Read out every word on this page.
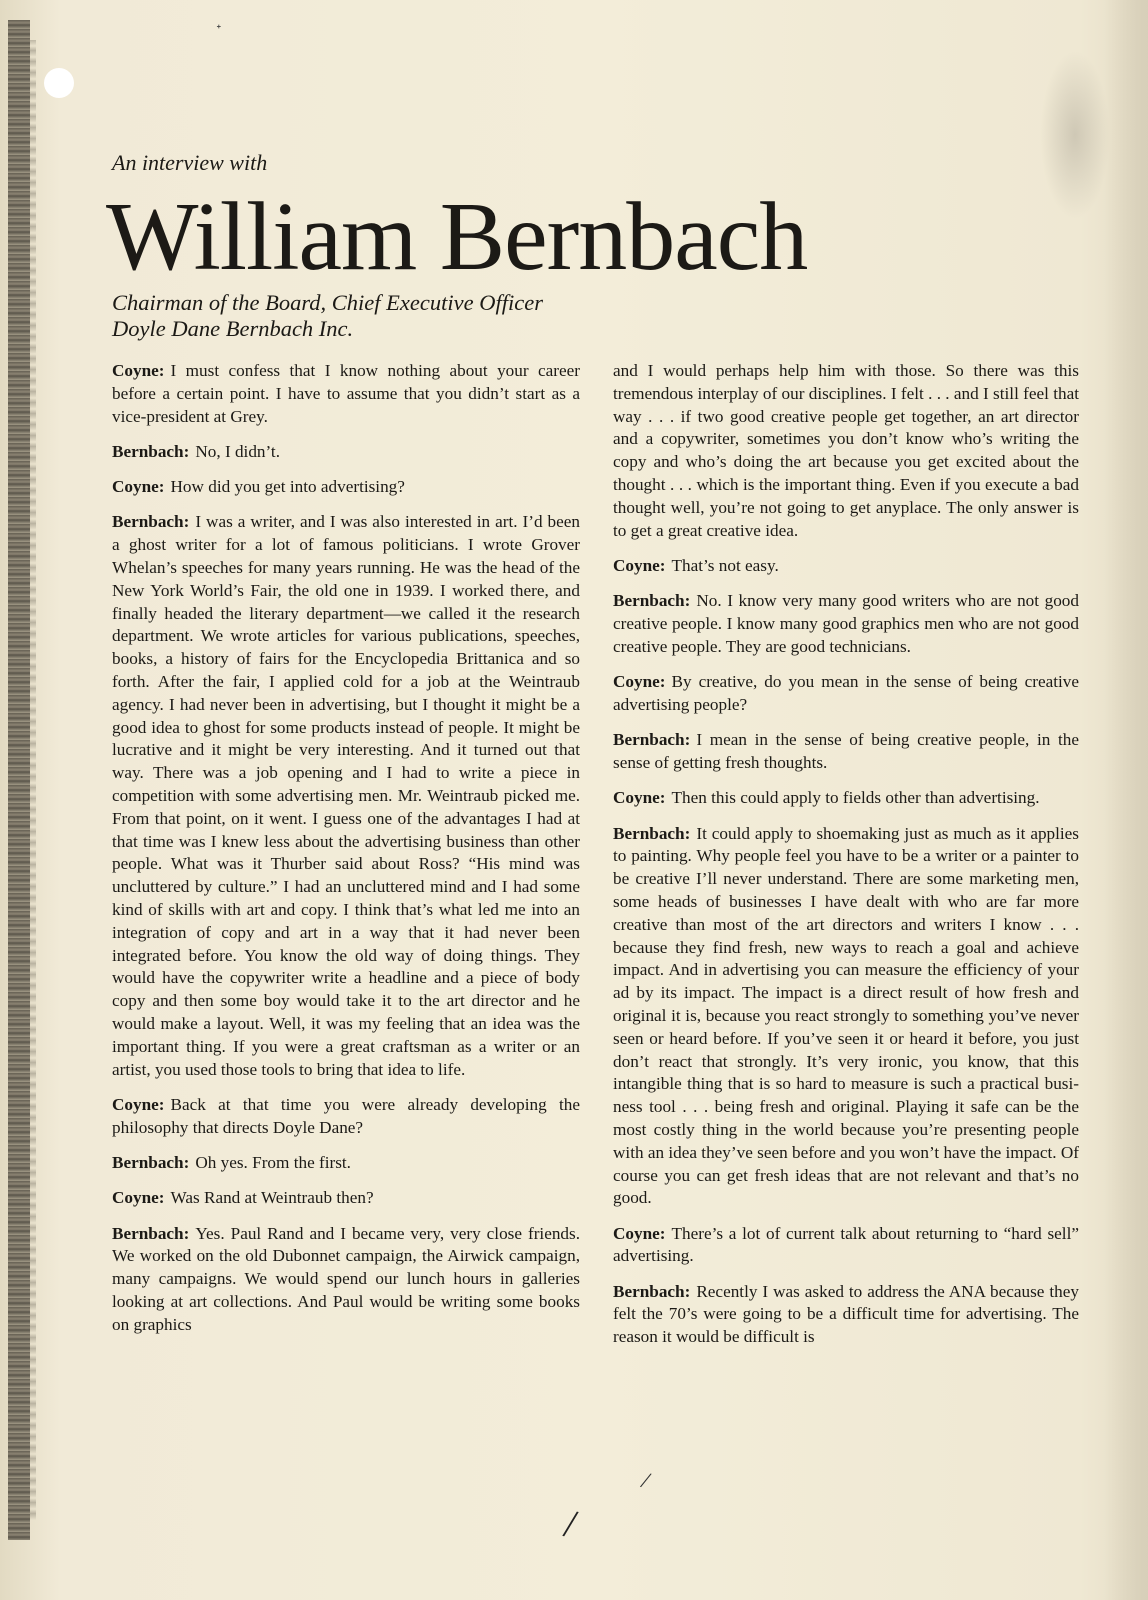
ᐩ

An interview with

William Bernbach
Chairman of the Board, Chief Executive Officer
Doyle Dane Bernbach Inc.

Coyne: I must confess that I know nothing about your career before a certain point. I have to assume that you didn’t start as a vice-president at Grey.

Bernbach: No, I didn’t.

Coyne: How did you get into advertising?

Bernbach: I was a writer, and I was also interested in art. I’d been a ghost writer for a lot of famous politicians. I wrote Grover Whelan’s speeches for many years running. He was the head of the New York World’s Fair, the old one in 1939. I worked there, and finally headed the literary department—we called it the research department. We wrote articles for various publications, speeches, books, a history of fairs for the Encyclopedia Brittanica and so forth. After the fair, I applied cold for a job at the Weintraub agency. I had never been in advertising, but I thought it might be a good idea to ghost for some products instead of people. It might be lucrative and it might be very interesting. And it turned out that way. There was a job opening and I had to write a piece in competition with some advertising men. Mr. Weintraub picked me. From that point, on it went. I guess one of the advantages I had at that time was I knew less about the advertising business than other people. What was it Thurber said about Ross? “His mind was uncluttered by culture.” I had an uncluttered mind and I had some kind of skills with art and copy. I think that’s what led me into an integration of copy and art in a way that it had never been integrated before. You know the old way of doing things. They would have the copywriter write a headline and a piece of body copy and then some boy would take it to the art director and he would make a layout. Well, it was my feeling that an idea was the important thing. If you were a great craftsman as a writer or an artist, you used those tools to bring that idea to life.

Coyne: Back at that time you were already developing the philosophy that directs Doyle Dane?

Bernbach: Oh yes. From the first.

Coyne: Was Rand at Weintraub then?

Bernbach: Yes. Paul Rand and I became very, very close friends. We worked on the old Dubonnet campaign, the Airwick campaign, many campaigns. We would spend our lunch hours in galleries looking at art collections. And Paul would be writing some books on graphics

and I would perhaps help him with those. So there was this tremendous interplay of our disciplines. I felt . . . and I still feel that way . . . if two good creative people get together, an art director and a copywriter, sometimes you don’t know who’s writing the copy and who’s doing the art because you get excited about the thought . . . which is the important thing. Even if you execute a bad thought well, you’re not going to get anyplace. The only answer is to get a great creative idea.

Coyne: That’s not easy.

Bernbach: No. I know very many good writers who are not good creative people. I know many good graphics men who are not good creative people. They are good technicians.

Coyne: By creative, do you mean in the sense of being creative advertising people?

Bernbach: I mean in the sense of being creative people, in the sense of getting fresh thoughts.

Coyne: Then this could apply to fields other than advertising.

Bernbach: It could apply to shoemaking just as much as it applies to painting. Why people feel you have to be a writer or a painter to be creative I’ll never understand. There are some marketing men, some heads of businesses I have dealt with who are far more creative than most of the art directors and writers I know . . . because they find fresh, new ways to reach a goal and achieve impact. And in advertising you can measure the efficiency of your ad by its impact. The impact is a direct result of how fresh and original it is, because you react strongly to something you’ve never seen or heard before. If you’ve seen it or heard it before, you just don’t react that strongly. It’s very ironic, you know, that this intangible thing that is so hard to measure is such a practical business tool . . . being fresh and original. Playing it safe can be the most costly thing in the world because you’re presenting people with an idea they’ve seen before and you won’t have the impact. Of course you can get fresh ideas that are not relevant and that’s no good.

Coyne: There’s a lot of current talk about returning to “hard sell” advertising.

Bernbach: Recently I was asked to address the ANA because they felt the 70’s were going to be a difficult time for advertising. The reason it would be difficult is

/
/
